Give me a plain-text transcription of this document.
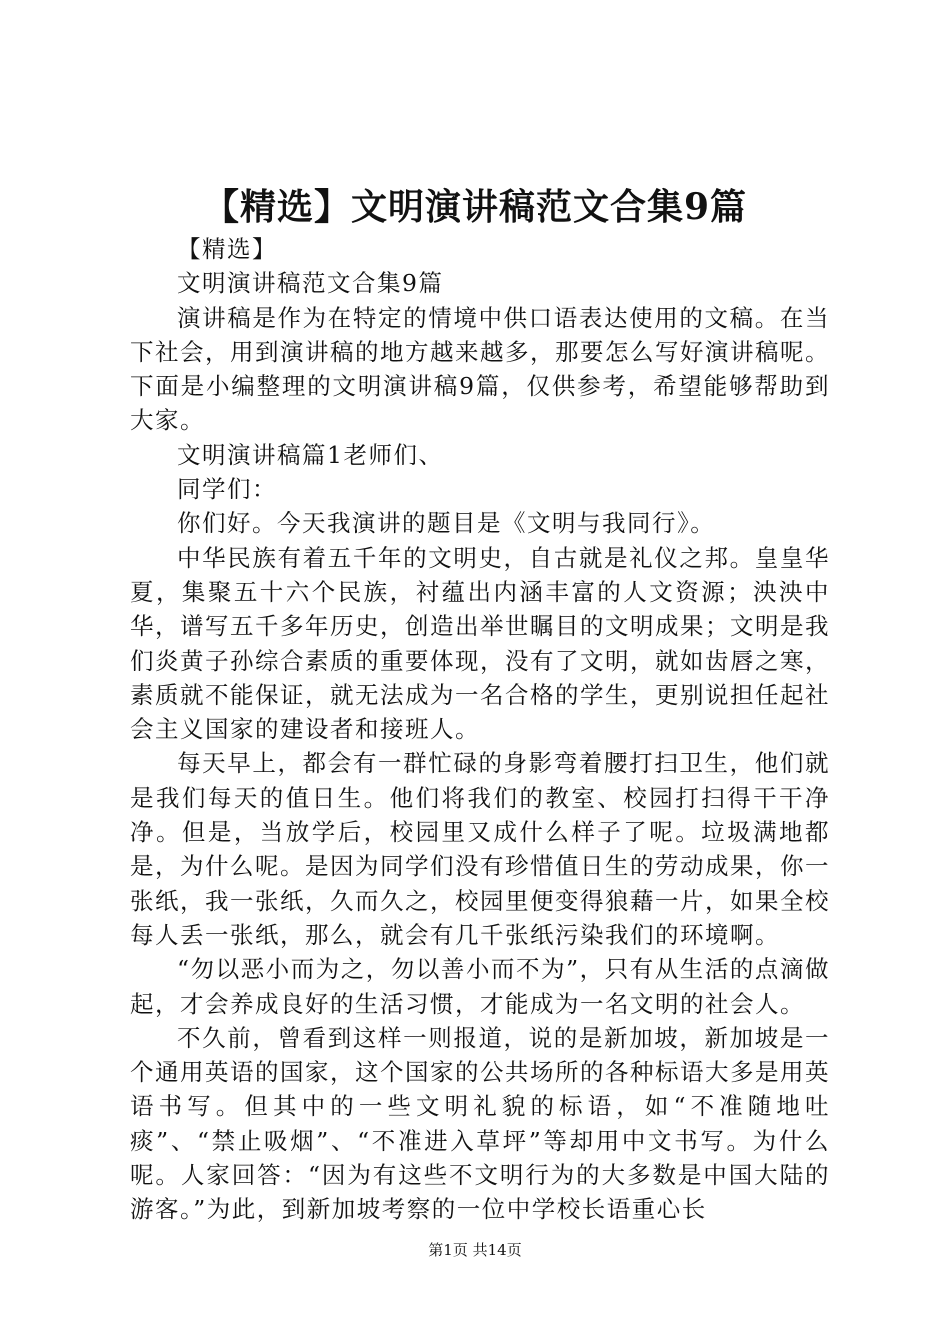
【精选】文明演讲稿范文合集9篇

【精选】

文明演讲稿范文合集9篇

演讲稿是作为在特定的情境中供口语表达使用的文稿。在当下社会，用到演讲稿的地方越来越多，那要怎么写好演讲稿呢。下面是小编整理的文明演讲稿9篇，仅供参考，希望能够帮助到大家。

文明演讲稿篇1老师们、

同学们：

你们好。今天我演讲的题目是《文明与我同行》。

中华民族有着五千年的文明史，自古就是礼仪之邦。皇皇华夏，集聚五十六个民族，衬蕴出内涵丰富的人文资源；泱泱中华，谱写五千多年历史，创造出举世瞩目的文明成果；文明是我们炎黄子孙综合素质的重要体现，没有了文明，就如齿唇之寒，素质就不能保证，就无法成为一名合格的学生，更别说担任起社会主义国家的建设者和接班人。

每天早上，都会有一群忙碌的身影弯着腰打扫卫生，他们就是我们每天的值日生。他们将我们的教室、校园打扫得干干净净。但是，当放学后，校园里又成什么样子了呢。垃圾满地都是，为什么呢。是因为同学们没有珍惜值日生的劳动成果，你一张纸，我一张纸，久而久之，校园里便变得狼藉一片，如果全校每人丢一张纸，那么，就会有几千张纸污染我们的环境啊。

“勿以恶小而为之，勿以善小而不为”，只有从生活的点滴做起，才会养成良好的生活习惯，才能成为一名文明的社会人。

不久前，曾看到这样一则报道，说的是新加坡，新加坡是一个通用英语的国家，这个国家的公共场所的各种标语大多是用英语书写。但其中的一些文明礼貌的标语，如“不准随地吐痰”、“禁止吸烟”、“不准进入草坪”等却用中文书写。为什么呢。人家回答：“因为有这些不文明行为的大多数是中国大陆的游客。”为此，到新加坡考察的一位中学校长语重心长

第1页 共14页
